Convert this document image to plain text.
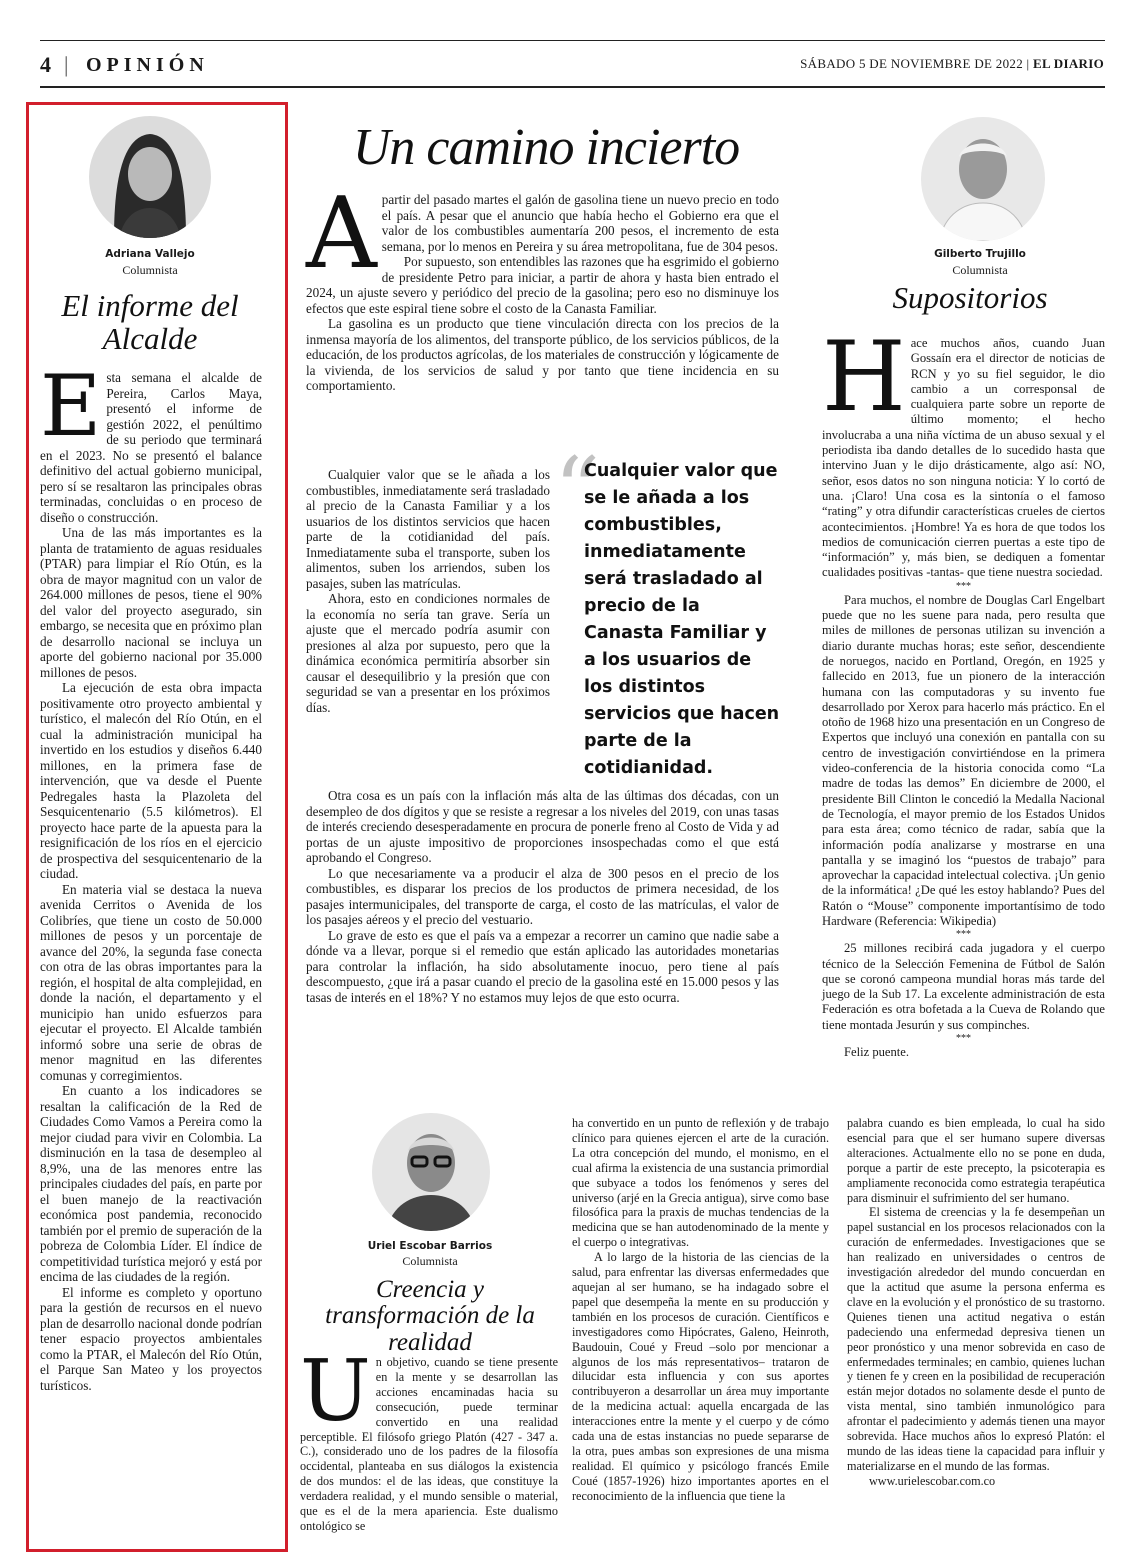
4 | OPINIÓN	SÁBADO 5 DE NOVIEMBRE DE 2022 | EL DIARIO
Adriana Vallejo
Columnista
El informe del Alcalde

Esta semana el alcalde de Pereira, Carlos Maya, presentó el informe de gestión 2022, el penúltimo de su periodo que terminará en el 2023. No se presentó el balance definitivo del actual gobierno municipal, pero sí se resaltaron las principales obras terminadas, concluidas o en proceso de diseño o construcción.

Una de las más importantes es la planta de tratamiento de aguas residuales (PTAR) para limpiar el Río Otún, es la obra de mayor magnitud con un valor de 264.000 millones de pesos, tiene el 90% del valor del proyecto asegurado, sin embargo, se necesita que en próximo plan de desarrollo nacional se incluya un aporte del gobierno nacional por 35.000 millones de pesos.

La ejecución de esta obra impacta positivamente otro proyecto ambiental y turístico, el malecón del Río Otún, en el cual la administración municipal ha invertido en los estudios y diseños 6.440 millones, en la primera fase de intervención, que va desde el Puente Pedregales hasta la Plazoleta del Sesquicentenario (5.5 kilómetros). El proyecto hace parte de la apuesta para la resignificación de los ríos en el ejercicio de prospectiva del sesquicentenario de la ciudad.

En materia vial se destaca la nueva avenida Cerritos o Avenida de los Colibríes, que tiene un costo de 50.000 millones de pesos y un porcentaje de avance del 20%, la segunda fase conecta con otra de las obras importantes para la región, el hospital de alta complejidad, en donde la nación, el departamento y el municipio han unido esfuerzos para ejecutar el proyecto. El Alcalde también informó sobre una serie de obras de menor magnitud en las diferentes comunas y corregimientos.

En cuanto a los indicadores se resaltan la calificación de la Red de Ciudades Como Vamos a Pereira como la mejor ciudad para vivir en Colombia. La disminución en la tasa de desempleo al 8,9%, una de las menores entre las principales ciudades del país, en parte por el buen manejo de la reactivación económica post pandemia, reconocido también por el premio de superación de la pobreza de Colombia Líder. El índice de competitividad turística mejoró y está por encima de las ciudades de la región.

El informe es completo y oportuno para la gestión de recursos en el nuevo plan de desarrollo nacional donde podrían tener espacio proyectos ambientales como la PTAR, el Malecón del Río Otún, el Parque San Mateo y los proyectos turísticos.

Un camino incierto

Apartir del pasado martes el galón de gasolina tiene un nuevo precio en todo el país. A pesar que el anuncio que había hecho el Gobierno era que el valor de los combustibles aumentaría 200 pesos, el incremento de esta semana, por lo menos en Pereira y su área metropolitana, fue de 304 pesos.

Por supuesto, son entendibles las razones que ha esgrimido el gobierno de presidente Petro para iniciar, a partir de ahora y hasta bien entrado el 2024, un ajuste severo y periódico del precio de la gasolina; pero eso no disminuye los efectos que este espiral tiene sobre el costo de la Canasta Familiar.

La gasolina es un producto que tiene vinculación directa con los precios de la inmensa mayoría de los alimentos, del transporte público, de los servicios públicos, de la educación, de los productos agrícolas, de los materiales de construcción y lógicamente de la vivienda, de los servicios de salud y por tanto que tiene incidencia en su comportamiento.

Cualquier valor que se le añada a los combustibles, inmediatamente será trasladado al precio de la Canasta Familiar y a los usuarios de los distintos servicios que hacen parte de la cotidianidad del país. Inmediatamente suba el transporte, suben los alimentos, suben los arriendos, suben los pasajes, suben las matrículas.

Ahora, esto en condiciones normales de la economía no sería tan grave. Sería un ajuste que el mercado podría asumir con presiones al alza por supuesto, pero que la dinámica económica permitiría absorber sin causar el desequilibrio y la presión que con seguridad se van a presentar en los próximos días.

“
Cualquier valor que se le añada a los combustibles, inmediatamente será trasladado al precio de la Canasta Familiar y a los usuarios de los distintos servicios que hacen parte de la cotidianidad.

Otra cosa es un país con la inflación más alta de las últimas dos décadas, con un desempleo de dos dígitos y que se resiste a regresar a los niveles del 2019, con unas tasas de interés creciendo desesperadamente en procura de ponerle freno al Costo de Vida y ad portas de un ajuste impositivo de proporciones insospechadas como el que está aprobando el Congreso.

Lo que necesariamente va a producir el alza de 300 pesos en el precio de los combustibles, es disparar los precios de los productos de primera necesidad, de los pasajes intermunicipales, del transporte de carga, el costo de las matrículas, el valor de los pasajes aéreos y el precio del vestuario.

Lo grave de esto es que el país va a empezar a recorrer un camino que nadie sabe a dónde va a llevar, porque si el remedio que están aplicado las autoridades monetarias para controlar la inflación, ha sido absolutamente inocuo, pero tiene al país descompuesto, ¿que irá a pasar cuando el precio de la gasolina esté en 15.000 pesos y las tasas de interés en el 18%? Y no estamos muy lejos de que esto ocurra.

Gilberto Trujillo
Columnista
Supositorios

Hace muchos años, cuando Juan Gossaín era el director de noticias de RCN y yo su fiel seguidor, le dio cambio a un corresponsal de cualquiera parte sobre un reporte de último momento; el hecho involucraba a una niña víctima de un abuso sexual y el periodista iba dando detalles de lo sucedido hasta que intervino Juan y le dijo drásticamente, algo así: NO, señor, esos datos no son ninguna noticia: Y lo cortó de una. ¡Claro! Una cosa es la sintonía o el famoso “rating” y otra difundir características crueles de ciertos acontecimientos. ¡Hombre! Ya es hora de que todos los medios de comunicación cierren puertas a este tipo de “información” y, más bien, se dediquen a fomentar cualidades positivas -tantas- que tiene nuestra sociedad.

***

Para muchos, el nombre de Douglas Carl Engelbart puede que no les suene para nada, pero resulta que miles de millones de personas utilizan su invención a diario durante muchas horas; este señor, descendiente de noruegos, nacido en Portland, Oregón, en 1925 y fallecido en 2013, fue un pionero de la interacción humana con las computadoras y su invento fue desarrollado por Xerox para hacerlo más práctico. En el otoño de 1968 hizo una presentación en un Congreso de Expertos que incluyó una conexión en pantalla con su centro de investigación convirtiéndose en la primera video-conferencia de la historia conocida como “La madre de todas las demos” En diciembre de 2000, el presidente Bill Clinton le concedió la Medalla Nacional de Tecnología, el mayor premio de los Estados Unidos para esta área; como técnico de radar, sabía que la información podía analizarse y mostrarse en una pantalla y se imaginó los “puestos de trabajo” para aprovechar la capacidad intelectual colectiva. ¡Un genio de la informática! ¿De qué les estoy hablando? Pues del Ratón o “Mouse” componente importantísimo de todo Hardware (Referencia: Wikipedia)

***

25 millones recibirá cada jugadora y el cuerpo técnico de la Selección Femenina de Fútbol de Salón que se coronó campeona mundial horas más tarde del juego de la Sub 17. La excelente administración de esta Federación es otra bofetada a la Cueva de Rolando que tiene montada Jesurún y sus compinches.

***

Feliz puente.

Uriel Escobar Barrios
Columnista
Creencia y transformación de la realidad

Un objetivo, cuando se tiene presente en la mente y se desarrollan las acciones encaminadas hacia su consecución, puede terminar convertido en una realidad perceptible. El filósofo griego Platón (427 - 347 a. C.), considerado uno de los padres de la filosofía occidental, planteaba en sus diálogos la existencia de dos mundos: el de las ideas, que constituye la verdadera realidad, y el mundo sensible o material, que es el de la mera apariencia. Este dualismo ontológico se

ha convertido en un punto de reflexión y de trabajo clínico para quienes ejercen el arte de la curación. La otra concepción del mundo, el monismo, en el cual afirma la existencia de una sustancia primordial que subyace a todos los fenómenos y seres del universo (arjé en la Grecia antigua), sirve como base filosófica para la praxis de muchas tendencias de la medicina que se han autodenominado de la mente y el cuerpo o integrativas.

A lo largo de la historia de las ciencias de la salud, para enfrentar las diversas enfermedades que aquejan al ser humano, se ha indagado sobre el papel que desempeña la mente en su producción y también en los procesos de curación. Científicos e investigadores como Hipócrates, Galeno, Heinroth, Baudouin, Coué y Freud –solo por mencionar a algunos de los más representativos– trataron de dilucidar esta influencia y con sus aportes contribuyeron a desarrollar un área muy importante de la medicina actual: aquella encargada de las interacciones entre la mente y el cuerpo y de cómo cada una de estas instancias no puede separarse de la otra, pues ambas son expresiones de una misma realidad. El químico y psicólogo francés Emile Coué (1857-1926) hizo importantes aportes en el reconocimiento de la influencia que tiene la

palabra cuando es bien empleada, lo cual ha sido esencial para que el ser humano supere diversas alteraciones. Actualmente ello no se pone en duda, porque a partir de este precepto, la psicoterapia es ampliamente reconocida como estrategia terapéutica para disminuir el sufrimiento del ser humano.

El sistema de creencias y la fe desempeñan un papel sustancial en los procesos relacionados con la curación de enfermedades. Investigaciones que se han realizado en universidades o centros de investigación alrededor del mundo concuerdan en que la actitud que asume la persona enferma es clave en la evolución y el pronóstico de su trastorno. Quienes tienen una actitud negativa o están padeciendo una enfermedad depresiva tienen un peor pronóstico y una menor sobrevida en caso de enfermedades terminales; en cambio, quienes luchan y tienen fe y creen en la posibilidad de recuperación están mejor dotados no solamente desde el punto de vista mental, sino también inmunológico para afrontar el padecimiento y además tienen una mayor sobrevida. Hace muchos años lo expresó Platón: el mundo de las ideas tiene la capacidad para influir y materializarse en el mundo de las formas.

www.urielescobar.com.co
